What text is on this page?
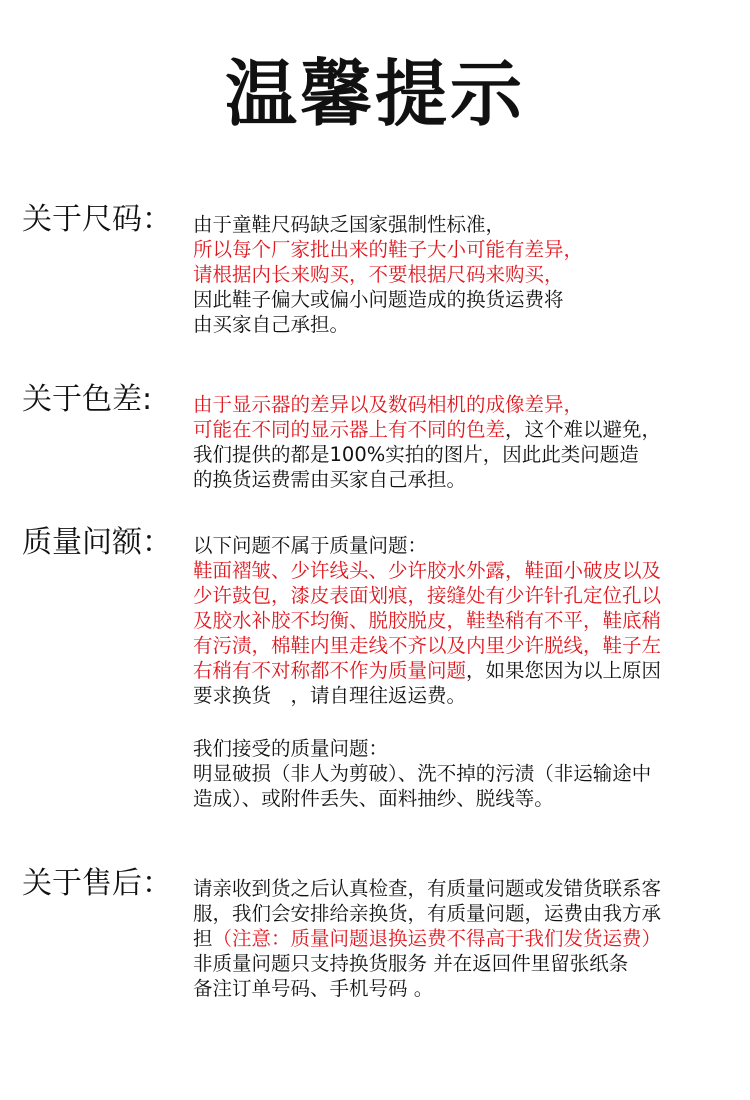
温馨提示
关于尺码： 由于童鞋尺码缺乏国家强制性标准，
所以每个厂家批出来的鞋子大小可能有差异，
请根据内长来购买，不要根据尺码来购买，
因此鞋子偏大或偏小问题造成的换货运费将
由买家自己承担。
关于色差: 由于显示器的差异以及数码相机的成像差异，
可能在不同的显示器上有不同的色差，这个难以避免，
我们提供的都是100%实拍的图片，因此此类问题造
的换货运费需由买家自己承担。
质量问额： 以下问题不属于质量问题：
鞋面褶皱、少许线头、少许胶水外露，鞋面小破皮以及
少许鼓包，漆皮表面划痕，接缝处有少许针孔定位孔以
及胶水补胶不均衡、脱胶脱皮，鞋垫稍有不平，鞋底稍
有污渍，棉鞋内里走线不齐以及内里少许脱线，鞋子左
右稍有不对称都不作为质量问题，如果您因为以上原因
要求换货　，请自理往返运费。
我们接受的质量问题：
明显破损（非人为剪破）、洗不掉的污渍（非运输途中
造成）、或附件丢失、面料抽纱、脱线等。
关于售后： 请亲收到货之后认真检查，有质量问题或发错货联系客
服，我们会安排给亲换货，有质量问题，运费由我方承
担（注意：质量问题退换运费不得高于我们发货运费）
非质量问题只支持换货服务 并在返回件里留张纸条
备注订单号码、手机号码 。
